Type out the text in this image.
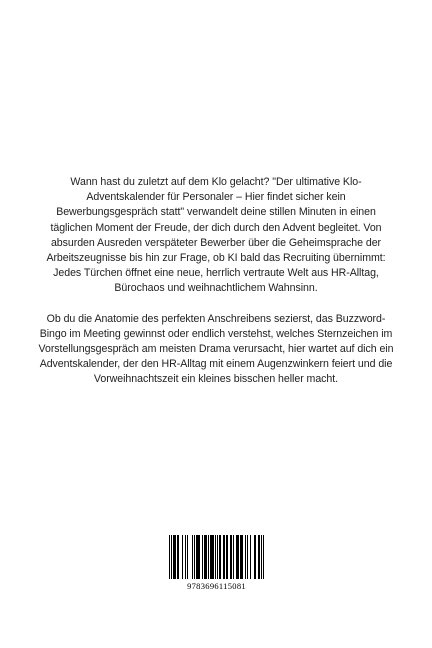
Wann hast du zuletzt auf dem Klo gelacht? "Der ultimative Klo-Adventskalender für Personaler – Hier findet sicher kein Bewerbungsgespräch statt" verwandelt deine stillen Minuten in einen täglichen Moment der Freude, der dich durch den Advent begleitet. Von absurden Ausreden verspäteter Bewerber über die Geheimsprache der Arbeitszeugnisse bis hin zur Frage, ob KI bald das Recruiting übernimmt: Jedes Türchen öffnet eine neue, herrlich vertraute Welt aus HR-Alltag, Bürochaos und weihnachtlichem Wahnsinn.

Ob du die Anatomie des perfekten Anschreibens sezierst, das Buzzword-Bingo im Meeting gewinnst oder endlich verstehst, welches Sternzeichen im Vorstellungsgespräch am meisten Drama verursacht, hier wartet auf dich ein Adventskalender, der den HR-Alltag mit einem Augenzwinkern feiert und die Vorweihnachtszeit ein kleines bisschen heller macht.

9783696115081
